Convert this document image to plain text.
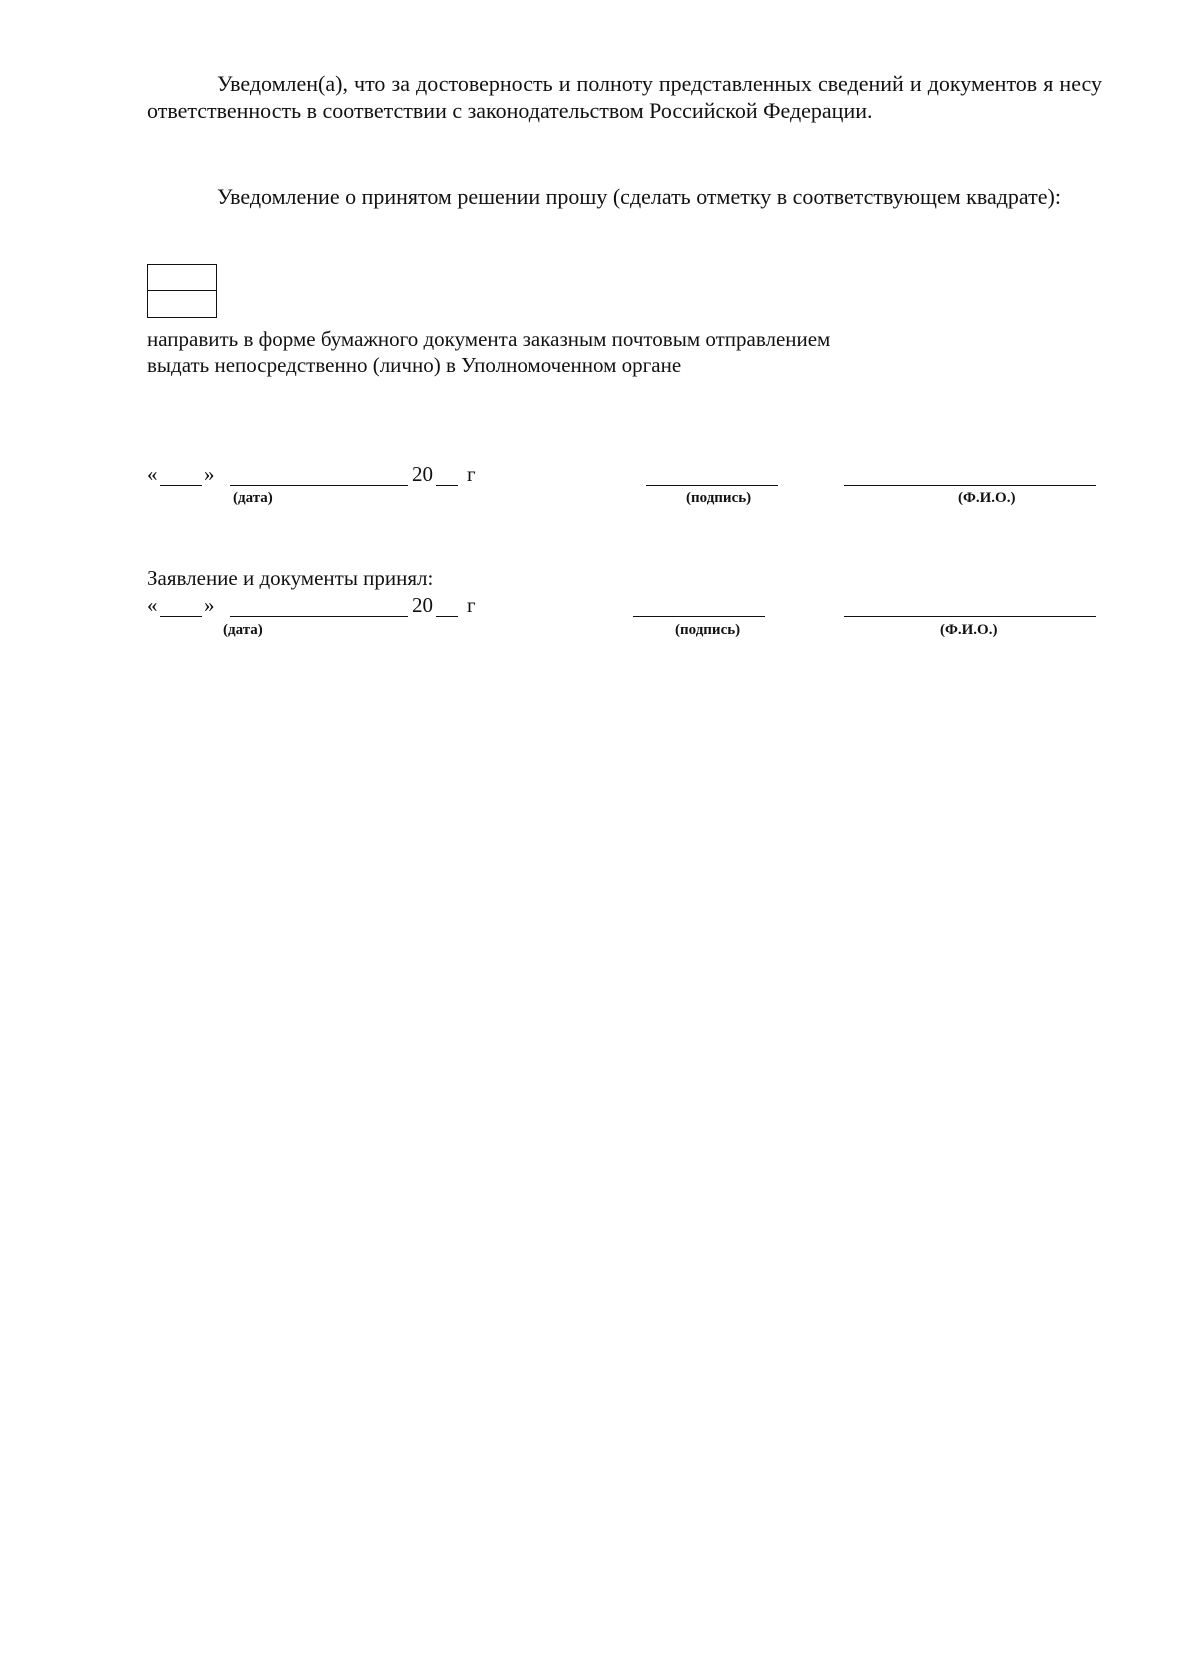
Уведомлен(а), что за достоверность и полноту представленных сведений и документов я несу ответственность в соответствии с законодательством Российской Федерации.
Уведомление о принятом решении прошу (сделать отметку в соответствующем квадрате):
направить в форме бумажного документа заказным почтовым отправлением
выдать непосредственно (лично) в Уполномоченном органе
« »	20 г
(дата)	(подпись)	(Ф.И.О.)
Заявление и документы принял:
« »	20 г
(дата)	(подпись)	(Ф.И.О.)
